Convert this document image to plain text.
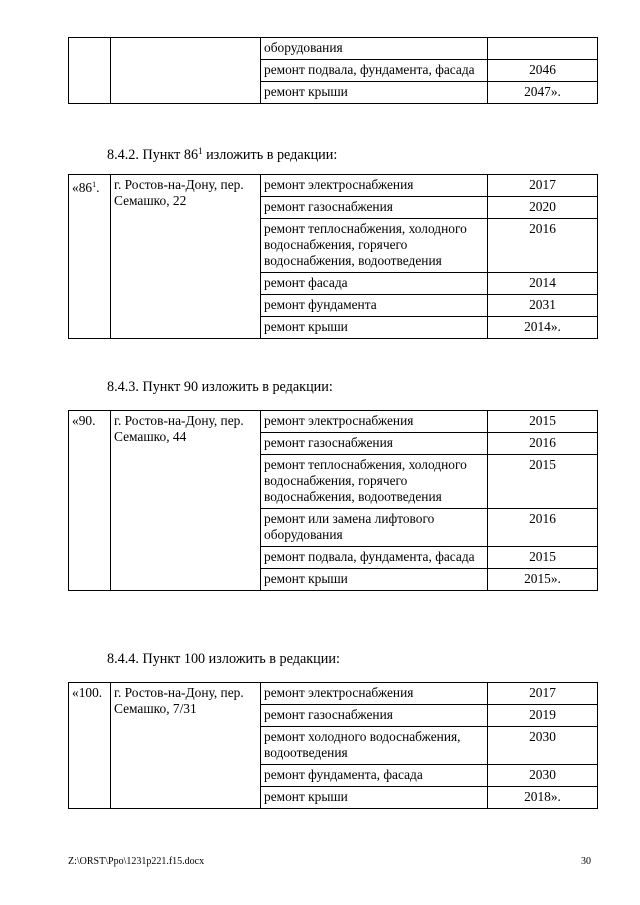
		оборудования	
		ремонт подвала, фундамента, фасада	2046
		ремонт крыши	2047».
8.4.2. Пункт $86^1$ изложить в редакции:
«$86^1$.	г. Ростов-на-Дону, пер. Семашко, 22	ремонт электроснабжения	2017
		ремонт газоснабжения	2020
		ремонт теплоснабжения, холодного водоснабжения, горячего водоснабжения, водоотведения	2016
		ремонт фасада	2014
		ремонт фундамента	2031
		ремонт крыши	2014».
8.4.3. Пункт 90 изложить в редакции:
«90.	г. Ростов-на-Дону, пер. Семашко, 44	ремонт электроснабжения	2015
		ремонт газоснабжения	2016
		ремонт теплоснабжения, холодного водоснабжения, горячего водоснабжения, водоотведения	2015
		ремонт или замена лифтового оборудования	2016
		ремонт подвала, фундамента, фасада	2015
		ремонт крыши	2015».
8.4.4. Пункт 100 изложить в редакции:
«100.	г. Ростов-на-Дону, пер. Семашко, 7/31	ремонт электроснабжения	2017
		ремонт газоснабжения	2019
		ремонт холодного водоснабжения, водоотведения	2030
		ремонт фундамента, фасада	2030
		ремонт крыши	2018».
Z:\ORST\Ppo\1231p221.f15.docx	30
